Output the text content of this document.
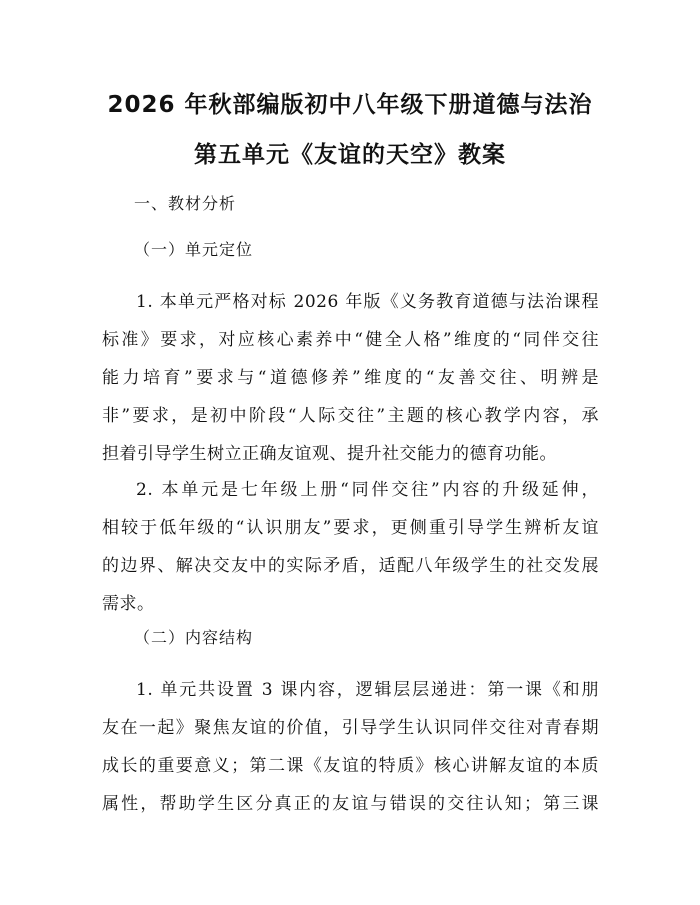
2026 年秋部编版初中八年级下册道德与法治
第五单元《友谊的天空》教案
一、教材分析
（一）单元定位
1. 本单元严格对标 2026 年版《义务教育道德与法治课程
标准》要求，对应核心素养中“健全人格”维度的“同伴交往
能力培育”要求与“道德修养”维度的“友善交往、明辨是
非”要求，是初中阶段“人际交往”主题的核心教学内容，承
担着引导学生树立正确友谊观、提升社交能力的德育功能。
2. 本单元是七年级上册“同伴交往”内容的升级延伸，
相较于低年级的“认识朋友”要求，更侧重引导学生辨析友谊
的边界、解决交友中的实际矛盾，适配八年级学生的社交发展
需求。
（二）内容结构
1. 单元共设置 3 课内容，逻辑层层递进：第一课《和朋
友在一起》聚焦友谊的价值，引导学生认识同伴交往对青春期
成长的重要意义；第二课《友谊的特质》核心讲解友谊的本质
属性，帮助学生区分真正的友谊与错误的交往认知；第三课
